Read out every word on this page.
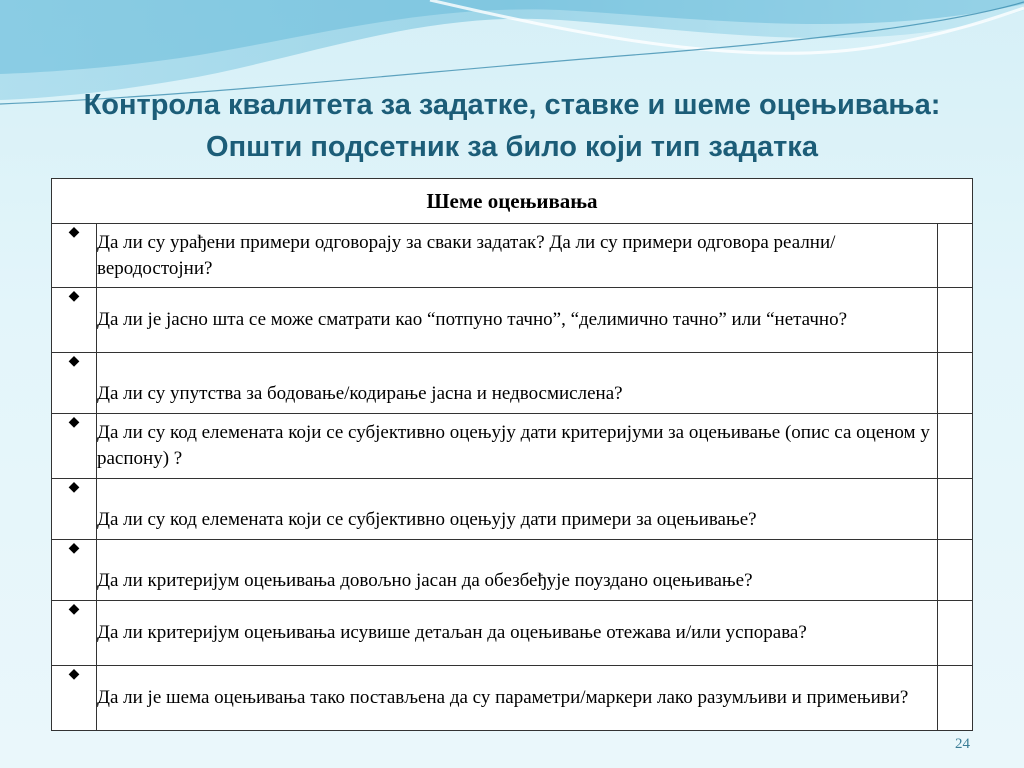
Контрола квалитета за задатке, ставке и шеме оцењивања:
Општи подсетник за било који тип задатка
Шеме оцењивања		
◆	Да ли су урађени примери одговорају за сваки задатак? Да ли су примери одговора реални/веродостојни?	
◆	Да ли је јасно шта се може сматрати као “потпуно тачно”, “делимично тачно” или “нетачно?	
◆	Да ли су упутства за бодовање/кодирање јасна и недвосмислена?	
◆	Да ли су код елемената који се субјективно оцењују дати критеријуми за оцењивање (опис са оценом у распону) ?	
◆	Да ли су код елемената који се субјективно оцењују дати примери за оцењивање?	
◆	Да ли критеријум оцењивања довољно јасан да обезбеђује поуздано оцењивање?	
◆	Да ли критеријум оцењивања исувише детаљан да оцењивање отежава и/или успорава?	
◆	Да ли је шема оцењивања тако постављена да су параметри/маркери лако разумљиви и примењиви?	
24
